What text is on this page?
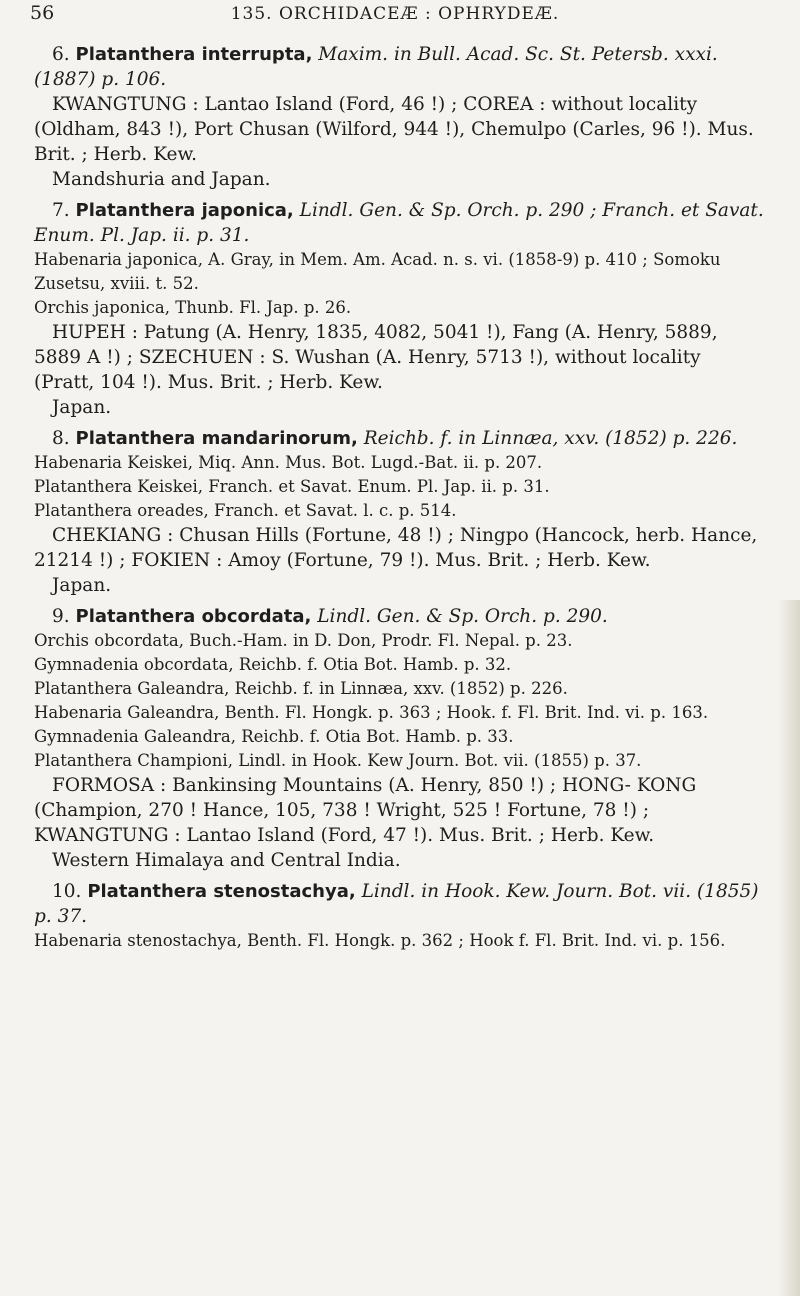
56	135. ORCHIDACEÆ : OPHRYDEÆ.

6. Platanthera interrupta, Maxim. in Bull. Acad. Sc. St. Petersb. xxxi. (1887) p. 106.

KWANGTUNG : Lantao Island (Ford, 46 !) ; COREA : without locality (Oldham, 843 !), Port Chusan (Wilford, 944 !), Chemulpo (Carles, 96 !). Mus. Brit. ; Herb. Kew.

Mandshuria and Japan.

7. Platanthera japonica, Lindl. Gen. & Sp. Orch. p. 290 ; Franch. et Savat. Enum. Pl. Jap. ii. p. 31.

Habenaria japonica, A. Gray, in Mem. Am. Acad. n. s. vi. (1858-9) p. 410 ; Somoku Zusetsu, xviii. t. 52.

Orchis japonica, Thunb. Fl. Jap. p. 26.

HUPEH : Patung (A. Henry, 1835, 4082, 5041 !), Fang (A. Henry, 5889, 5889 A !) ; SZECHUEN : S. Wushan (A. Henry, 5713 !), without locality (Pratt, 104 !). Mus. Brit. ; Herb. Kew.

Japan.

8. Platanthera mandarinorum, Reichb. f. in Linnæa, xxv. (1852) p. 226.

Habenaria Keiskei, Miq. Ann. Mus. Bot. Lugd.-Bat. ii. p. 207.

Platanthera Keiskei, Franch. et Savat. Enum. Pl. Jap. ii. p. 31.

Platanthera oreades, Franch. et Savat. l. c. p. 514.

CHEKIANG : Chusan Hills (Fortune, 48 !) ; Ningpo (Hancock, herb. Hance, 21214 !) ; FOKIEN : Amoy (Fortune, 79 !). Mus. Brit. ; Herb. Kew.

Japan.

9. Platanthera obcordata, Lindl. Gen. & Sp. Orch. p. 290.

Orchis obcordata, Buch.-Ham. in D. Don, Prodr. Fl. Nepal. p. 23.

Gymnadenia obcordata, Reichb. f. Otia Bot. Hamb. p. 32.

Platanthera Galeandra, Reichb. f. in Linnæa, xxv. (1852) p. 226.

Habenaria Galeandra, Benth. Fl. Hongk. p. 363 ; Hook. f. Fl. Brit. Ind. vi. p. 163.

Gymnadenia Galeandra, Reichb. f. Otia Bot. Hamb. p. 33.

Platanthera Championi, Lindl. in Hook. Kew Journ. Bot. vii. (1855) p. 37.

FORMOSA : Bankinsing Mountains (A. Henry, 850 !) ; HONG- KONG (Champion, 270 ! Hance, 105, 738 ! Wright, 525 ! Fortune, 78 !) ; KWANGTUNG : Lantao Island (Ford, 47 !). Mus. Brit. ; Herb. Kew.

Western Himalaya and Central India.

10. Platanthera stenostachya, Lindl. in Hook. Kew. Journ. Bot. vii. (1855) p. 37.

Habenaria stenostachya, Benth. Fl. Hongk. p. 362 ; Hook f. Fl. Brit. Ind. vi. p. 156.
